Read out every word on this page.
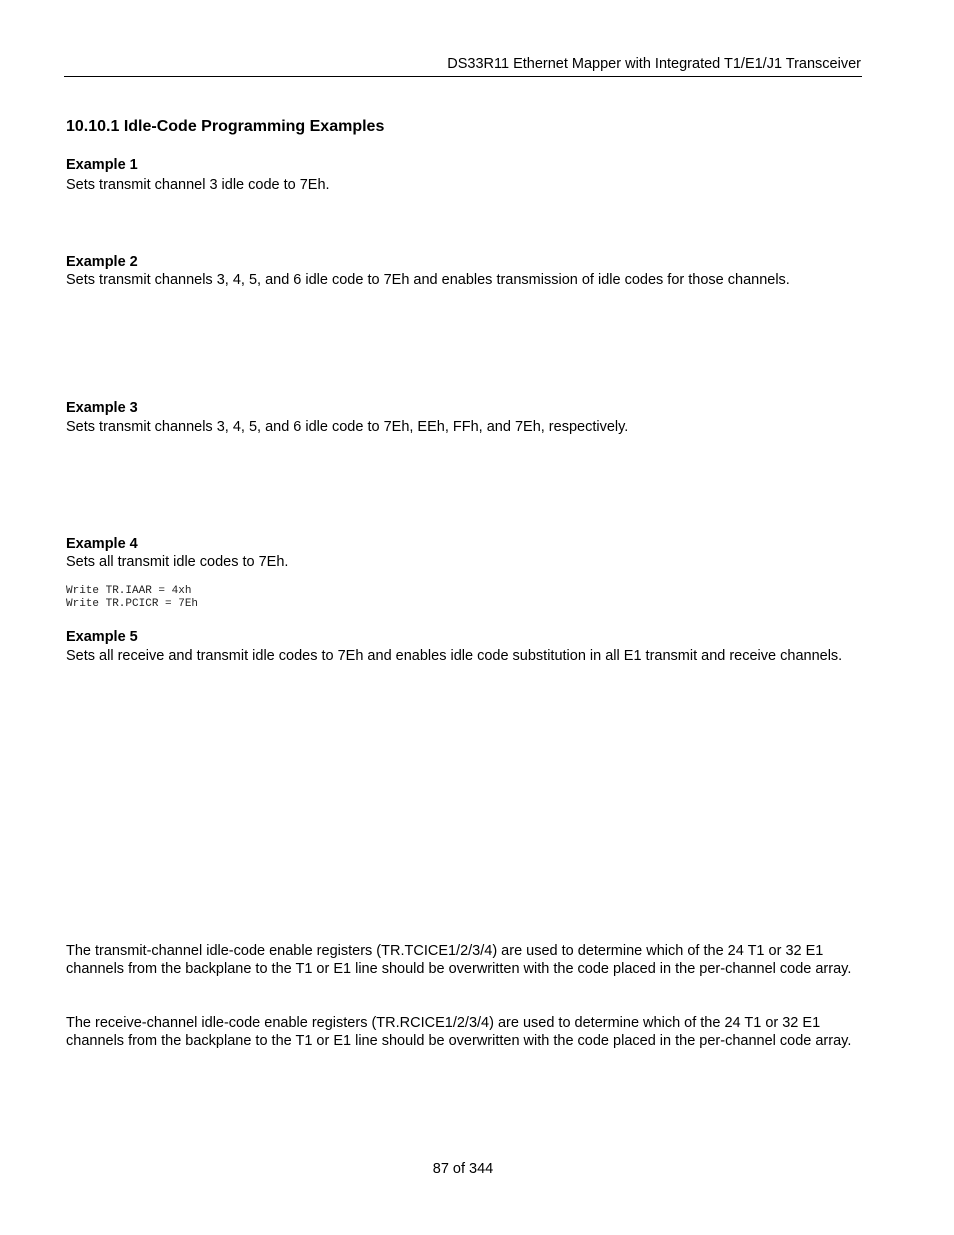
DS33R11 Ethernet Mapper with Integrated T1/E1/J1 Transceiver
10.10.1 Idle-Code Programming Examples
Example 1
Sets transmit channel 3 idle code to 7Eh.
Example 2
Sets transmit channels 3, 4, 5, and 6 idle code to 7Eh and enables transmission of idle codes for those channels.
Example 3
Sets transmit channels 3, 4, 5, and 6 idle code to 7Eh, EEh, FFh, and 7Eh, respectively.
Example 4
Sets all transmit idle codes to 7Eh.
Write TR.IAAR = 4xh
Write TR.PCICR = 7Eh
Example 5
Sets all receive and transmit idle codes to 7Eh and enables idle code substitution in all E1 transmit and receive channels.
The transmit-channel idle-code enable registers (TR.TCICE1/2/3/4) are used to determine which of the 24 T1 or 32 E1 channels from the backplane to the T1 or E1 line should be overwritten with the code placed in the per-channel code array.
The receive-channel idle-code enable registers (TR.RCICE1/2/3/4) are used to determine which of the 24 T1 or 32 E1 channels from the backplane to the T1 or E1 line should be overwritten with the code placed in the per-channel code array.
87 of 344
